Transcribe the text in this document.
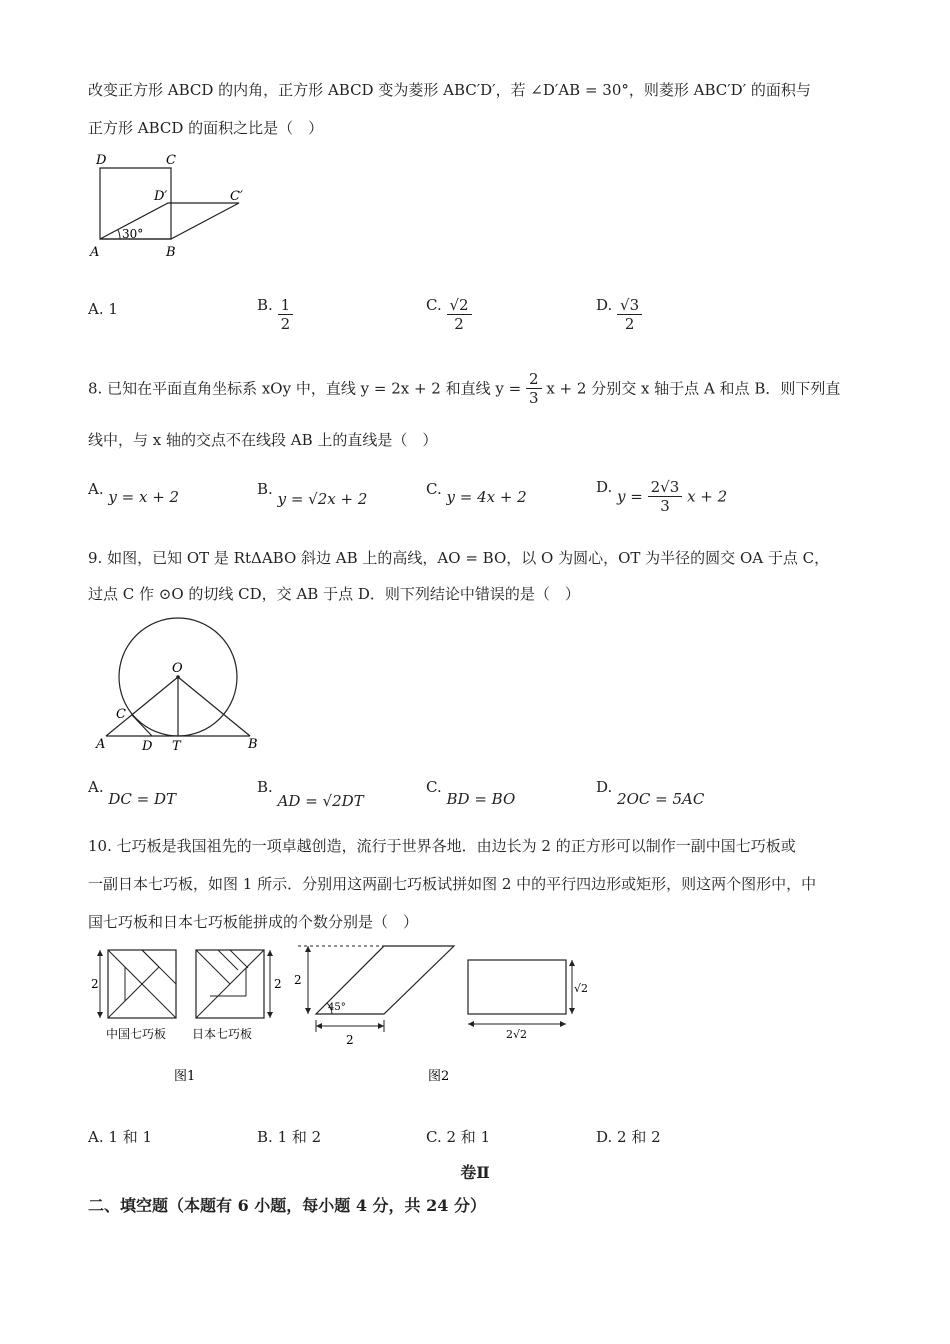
改变正方形 ABCD 的内角，正方形 ABCD 变为菱形 ABC′D′，若 ∠D′AB = 30°，则菱形 ABC′D′ 的面积与
正方形 ABCD 的面积之比是（　）
D	C
D′	C′
A	B
30°
A. 1	B. $\frac{1}{2}$	C. $\frac{√2}{2}$	D. $\frac{√3}{2}$
8. 已知在平面直角坐标系 xOy 中，直线 y = 2x + 2 和直线 $y = \frac{2}{3}$ x + 2 分别交 x 轴于点 A 和点 B．则下列直
线中，与 x 轴的交点不在线段 AB 上的直线是（　）
A. y = x + 2	B. y = √2x + 2
C. y = 4x + 2
D. $y = \frac{2√3}{3}$ x + 2
9. 如图，已知 OT 是 RtΔABO 斜边 AB 上的高线，AO = BO，以 O 为圆心，OT 为半径的圆交 OA 于点 C，
过点 C 作 ⊙O 的切线 CD，交 AB 于点 D．则下列结论中错误的是（　）
O
C
A	D T	B
A. DC = DT
B. AD = √2DT
C. BD = BO
D. 2OC = 5AC
10. 七巧板是我国祖先的一项卓越创造，流行于世界各地．由边长为 2 的正方形可以制作一副中国七巧板或
一副日本七巧板，如图 1 所示．分别用这两副七巧板试拼如图 2 中的平行四边形或矩形，则这两个图形中，中
国七巧板和日本七巧板能拼成的个数分别是（　）
2
中国七巧板
2
日本七巧板
图1
2
45°
2
√2
2√2
图2
A. 1 和 1	B. 1 和 2	C. 2 和 1	D. 2 和 2
卷Ⅱ
二、填空题（本题有 6 小题，每小题 4 分，共 24 分）
